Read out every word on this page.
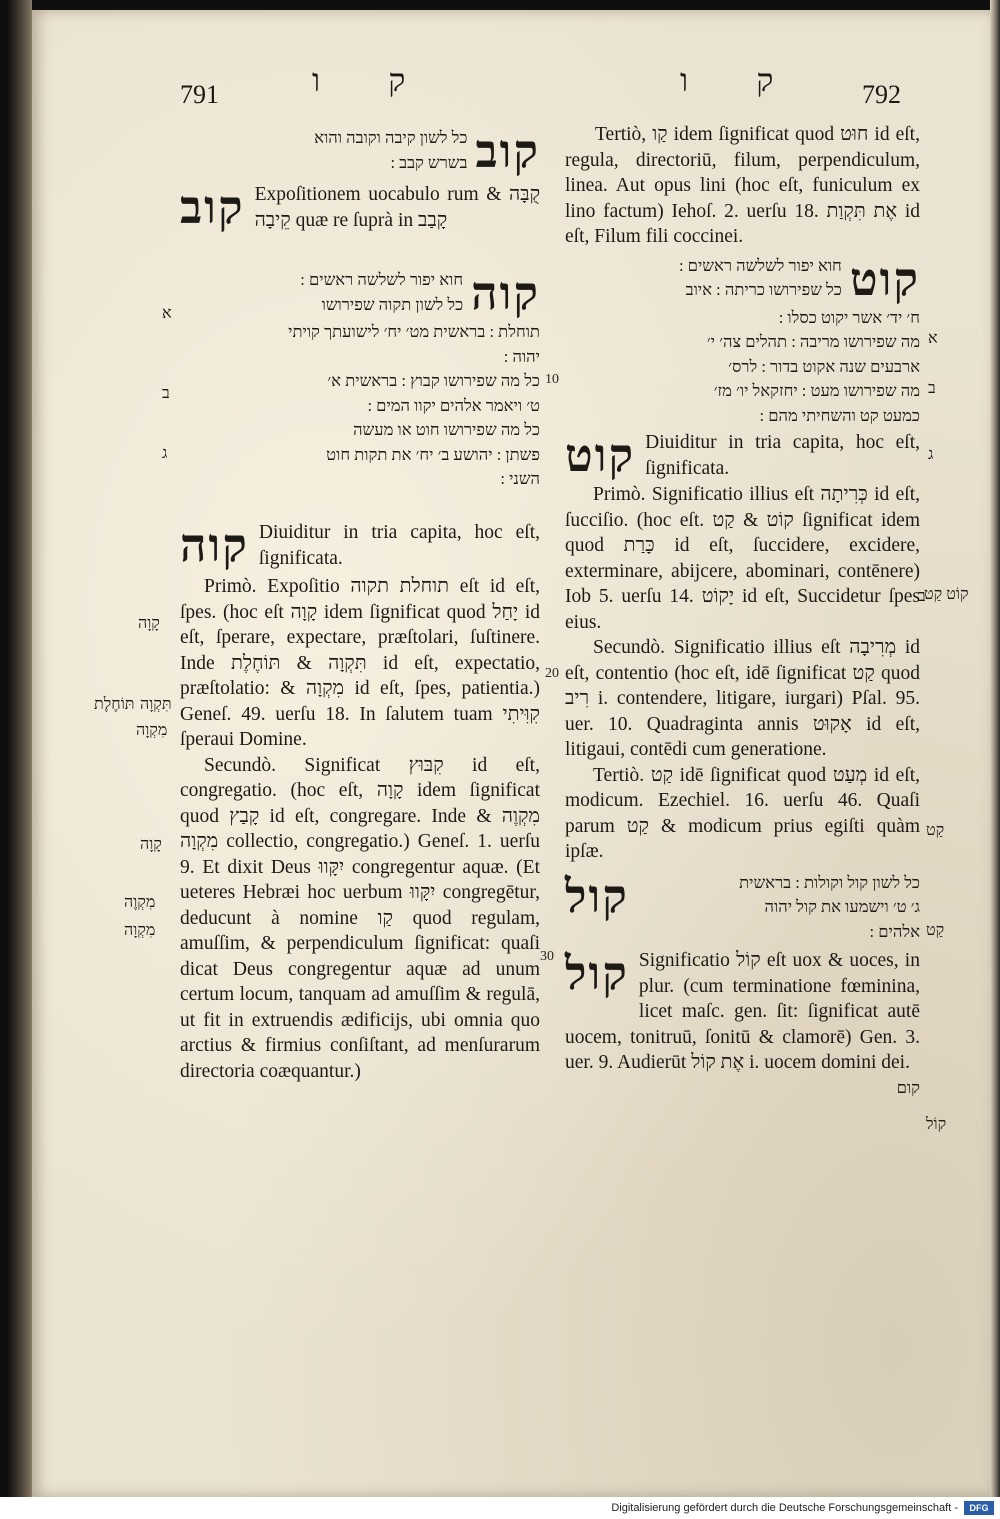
791	ק ו	ק ו 792
קוב
כל לשון קיבה וקובה והוא
בשרש קבב :
קוב Expoſitionem uocabulo rum קֻבָּה & קֵיבָה quæ re ſuprà in קָבַב

קוה
חוא יפור לשלשה ראשים :
כל לשון תקוה שפירושו
תוחלת : בראשית מט׳ יח׳ לישועתך קויתי
יהוה :
כל מה שפירושו קבוץ : בראשית א׳
ט׳ ויאמר אלהים יקוו המים :
כל מה שפירושו חוט או מעשה
פשתן : יהושע ב׳ יח׳ את תקות חוט
השני :
קוה Diuiditur in tria capita, hoc eſt, ſignificata.

Primò. Expoſitio תוחלת תקוה eſt id eſt, ſpes. (hoc eſt קָוָה idem ſignificat quod יָחַל id eſt, ſperare, expectare, præſtolari, ſuſtinere. Inde תִּקְוָה & תּוֹחֶלֶת id eſt, expectatio, præſtolatio: & מִקְוָה id eſt, ſpes, patientia.) Geneſ. 49. uerſu 18. In ſalutem tuam קִוִּיתִי ſperaui Domine.
Secundò. Significat קִבּוּץ id eſt, congregatio. (hoc eſt, קָוָה idem ſignificat quod קָבַץ id eſt, congregare. Inde מִקְוֶה & מִקְוָה collectio, congregatio.) Geneſ. 1. uerſu 9. Et dixit Deus יִקָּווּ congregentur aquæ. (Et ueteres Hebræi hoc uerbum יִקָּווּ congregētur, deducunt à nomine קַו quod regulam, amuſſim, & perpendiculum ſignificat: quaſi dicat Deus congregentur aquæ ad unum certum locum, tanquam ad amuſſim & regulā, ut fit in extruendis ædificijs, ubi omnia quo arctius & firmius conſiſtant, ad menſurarum directoria coæquantur.)
א
ב
ג
10
20
30
קָוָה
תּוֹחֶלֶת תִּקְוָה
מִקְוָה
קָוָה
מִקְוֶה
מִקְוָה

Tertiò, קַו idem ſignificat quod חוּט id eſt, regula, directoriū, filum, perpendiculum, linea. Aut opus lini (hoc eſt, funiculum ex lino factum) Iehoſ. 2. uerſu 18. אֶת תִּקְוַת id eſt, Filum fili coccinei.

קוט
חוא יפור לשלשה ראשים :
כל שפירושו כריתה : איוב
ח׳ יד׳ אשר יקוט כסלו :
מה שפירושו מריבה : תהלים צה׳ י׳
ארבעים שנה אקוט בדור : לרס׳
מה שפירושו מעט : יחזקאל יו׳ מז׳
כמעט קט והשחיתי מהם :
קוט Diuiditur in tria capita, hoc eſt, ſignificata.

Primò. Significatio illius eſt כְּרִיתָה id eſt, ſucciſio. (hoc eſt. קוֹט & קַט ſignificat idem quod כָּרַת id eſt, ſuccidere, excidere, exterminare, abijcere, abominari, contēnere) Iob 5. uerſu 14. יָקוֹט id eſt, Succidetur ſpes eius.
Secundò. Significatio illius eſt מְרִיבָה id eſt, contentio (hoc eſt, idē ſignificat קַט quod רִיב i. contendere, litigare, iurgari) Pſal. 95. uer. 10. Quadraginta annis אָקוּט id eſt, litigaui, contēdi cum generatione.
Tertiò. קַט idē ſignificat quod מְעַט id eſt, modicum. Ezechiel. 16. uerſu 46. Quaſi parum קַט & modicum prius egiſti quàm ipſæ.
קול	כל לשון קול וקולות : בראשית
ג׳ ט׳ וישמעו את קול יהוה
אלהים :
קול Significatio קוֹל eſt uox & uoces, in plur. (cum terminatione fœminina, licet maſc. gen. ſit: ſignificat autē uocem, tonitruū, ſonitū & clamorē) Gen. 3. uer. 9. Audierūt אֶת קוֹל i. uocem domini dei.

קום
א
ב
ג
ב
קוֹט קַט
קַט
קַט
קוֹל
Digitalisierung gefördert durch die Deutsche Forschungsgemeinschaft -	DFG
